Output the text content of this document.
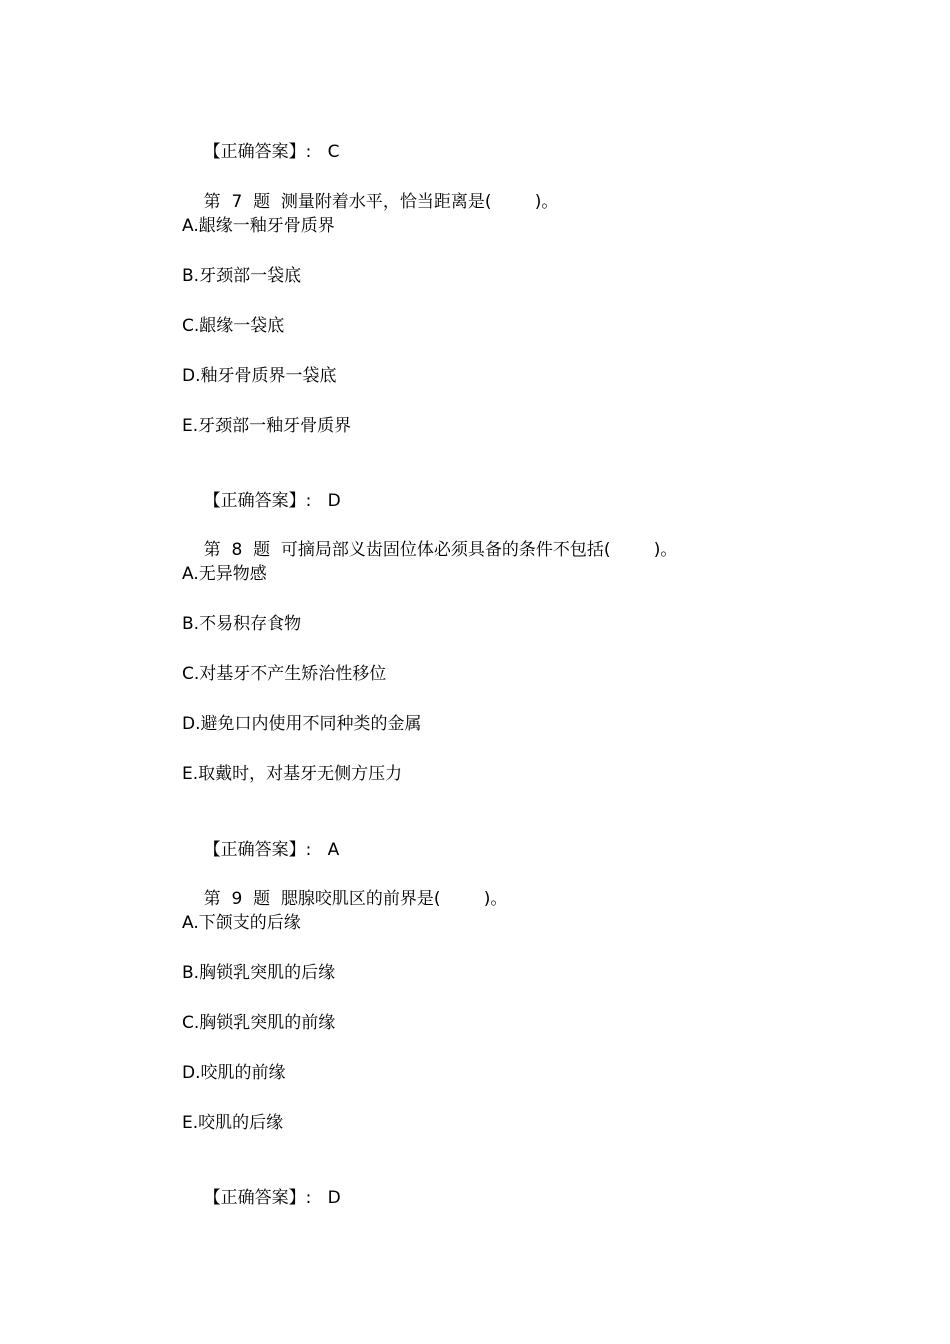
【正确答案】: C

第  7  题  测量附着水平，恰当距离是(        )。

A.龈缘一釉牙骨质界
B.牙颈部一袋底
C.龈缘一袋底
D.釉牙骨质界一袋底
E.牙颈部一釉牙骨质界

【正确答案】: D

第  8  题  可摘局部义齿固位体必须具备的条件不包括(        )。

A.无异物感
B.不易积存食物
C.对基牙不产生矫治性移位
D.避免口内使用不同种类的金属
E.取戴时，对基牙无侧方压力

【正确答案】: A

第  9  题  腮腺咬肌区的前界是(        )。

A.下颌支的后缘
B.胸锁乳突肌的后缘
C.胸锁乳突肌的前缘
D.咬肌的前缘
E.咬肌的后缘

【正确答案】: D
